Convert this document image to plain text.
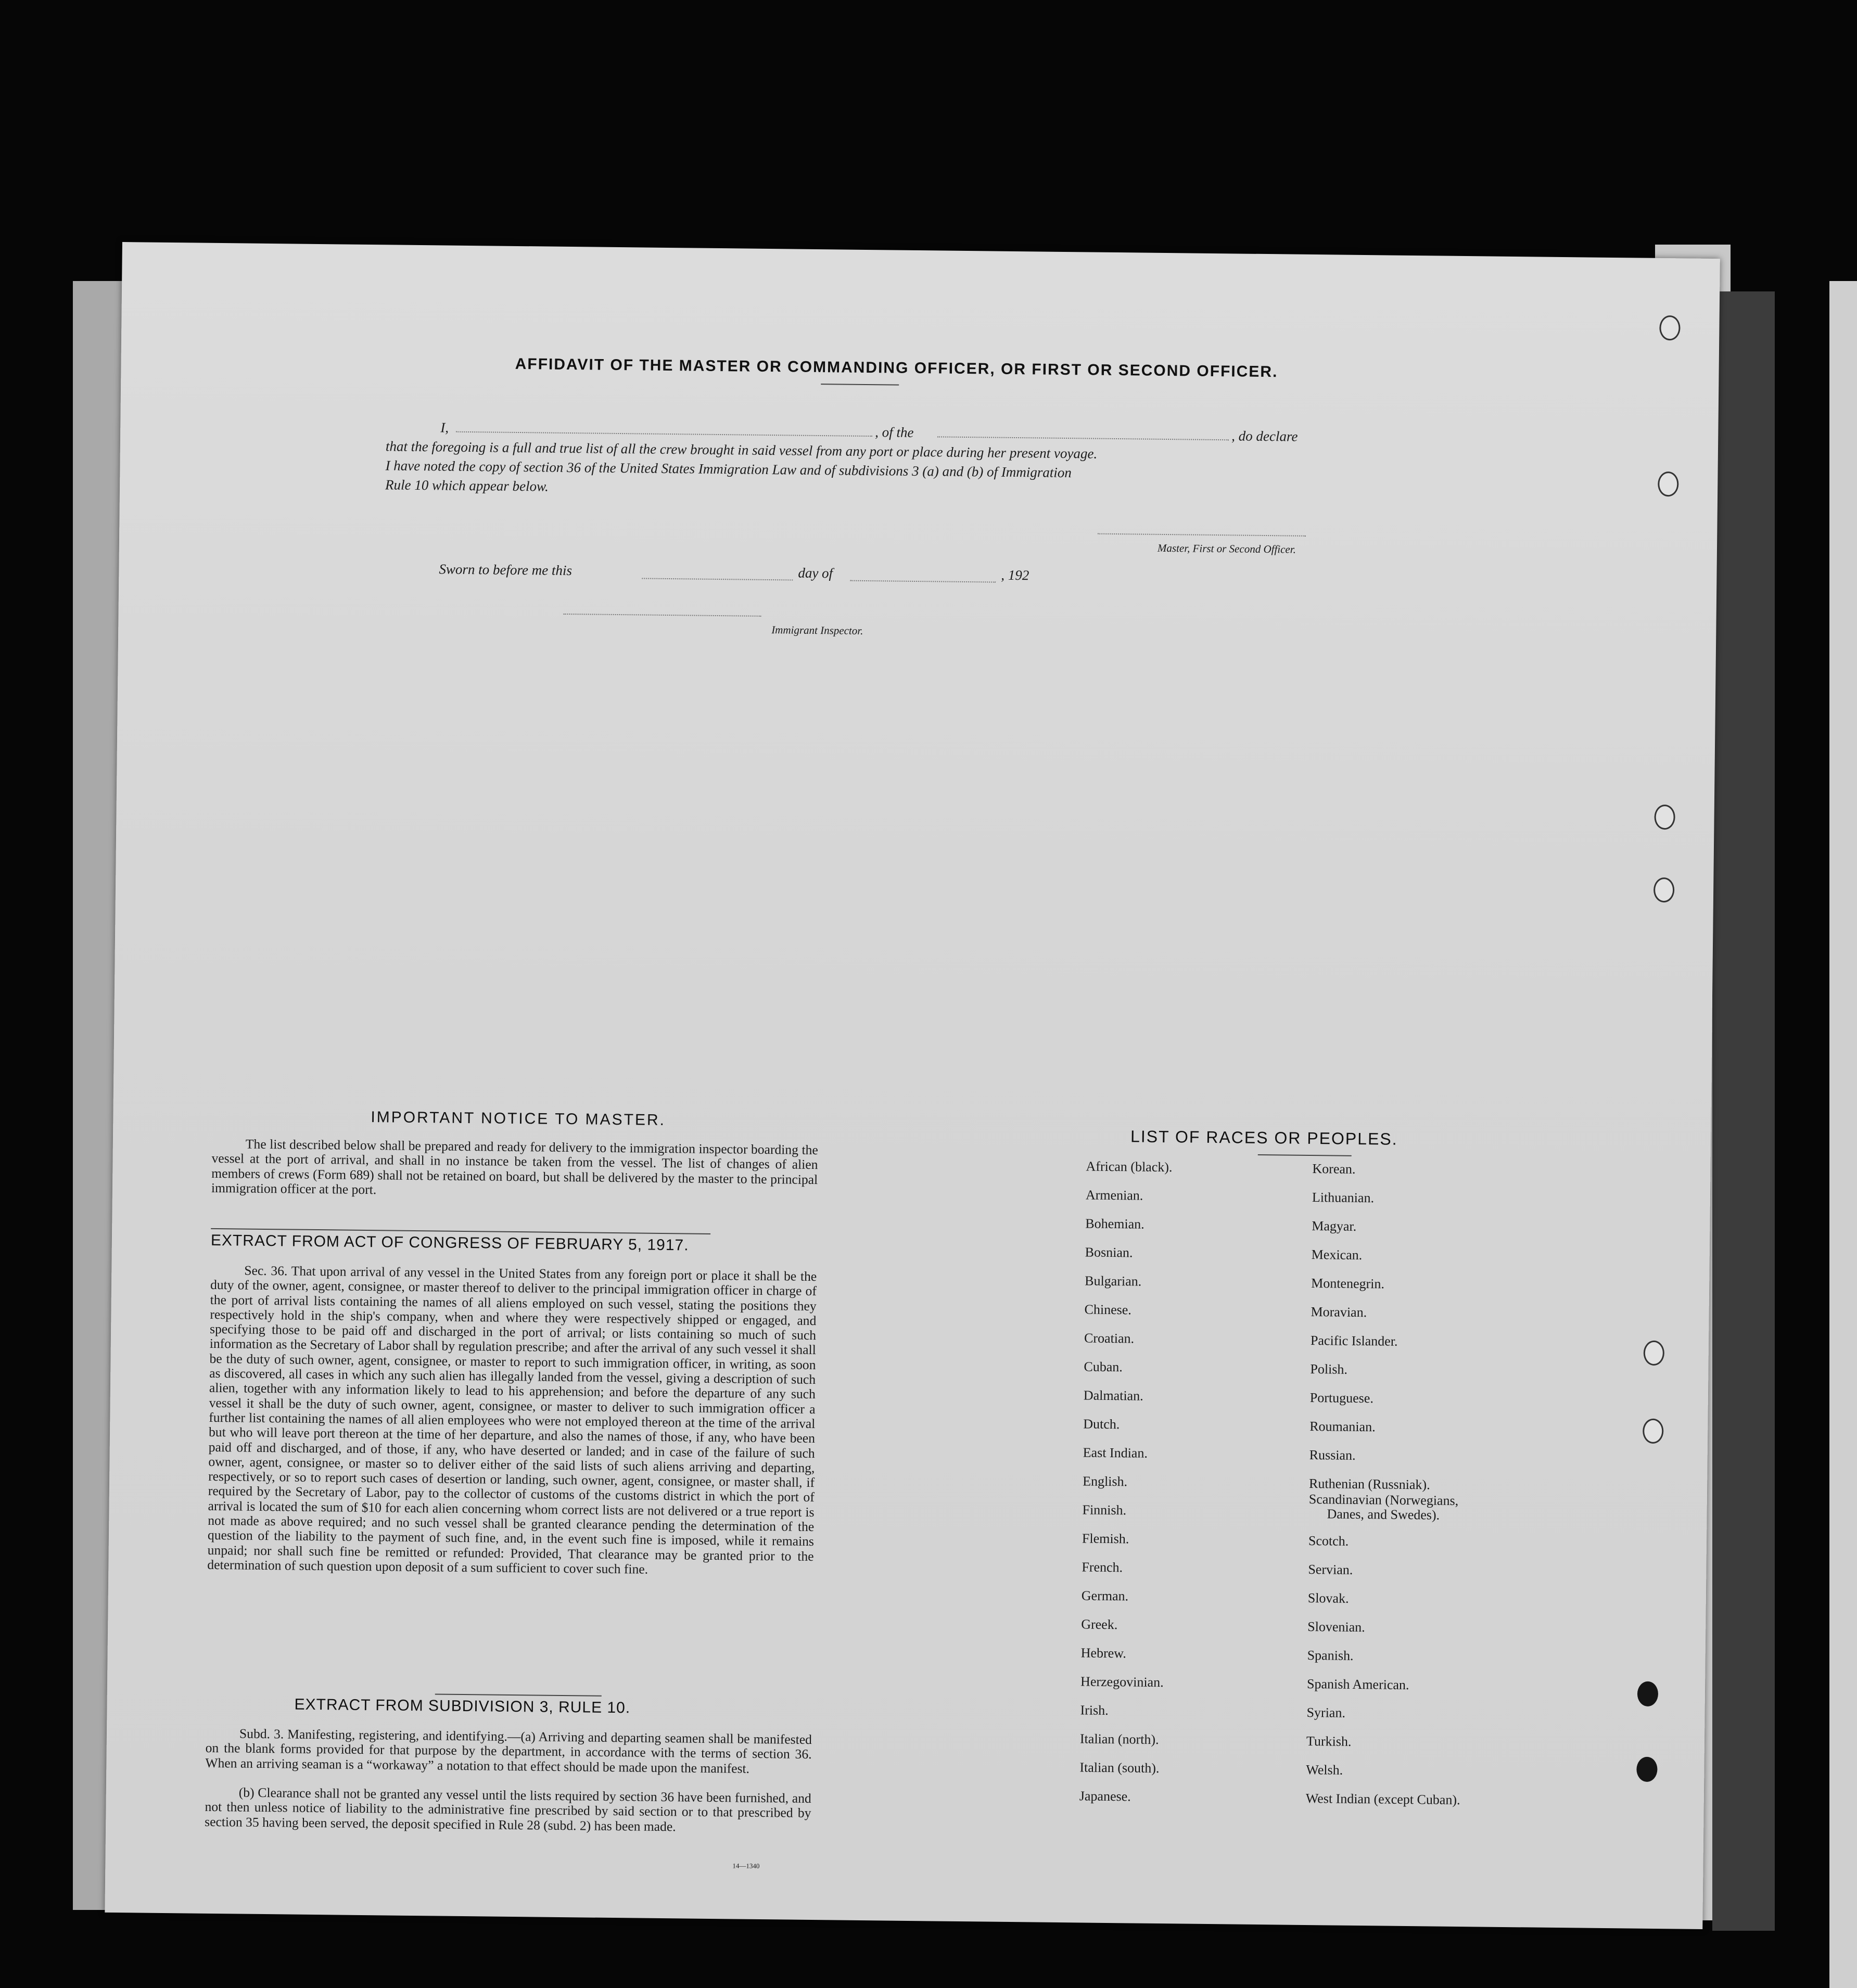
AFFIDAVIT OF THE MASTER OR COMMANDING OFFICER, OR FIRST OR SECOND OFFICER.
I,	, of the	, do declare
that the foregoing is a full and true list of all the crew brought in said vessel from any port or place during her present voyage.
I have noted the copy of section 36 of the United States Immigration Law and of subdivisions 3 (a) and (b) of Immigration
Rule 10 which appear below.
Master, First or Second Officer.
Sworn to before me this	day of	, 192
Immigrant Inspector.
IMPORTANT NOTICE TO MASTER.
The list described below shall be prepared and ready for delivery to the immigration inspector boarding the vessel at the port of arrival, and shall in no instance be taken from the vessel. The list of changes of alien members of crews (Form 689) shall not be retained on board, but shall be delivered by the master to the principal immigration officer at the port.
EXTRACT FROM ACT OF CONGRESS OF FEBRUARY 5, 1917.
Sec. 36. That upon arrival of any vessel in the United States from any foreign port or place it shall be the duty of the owner, agent, consignee, or master thereof to deliver to the principal immigration officer in charge of the port of arrival lists containing the names of all aliens employed on such vessel, stating the positions they respectively hold in the ship's company, when and where they were respectively shipped or engaged, and specifying those to be paid off and discharged in the port of arrival; or lists containing so much of such information as the Secretary of Labor shall by regulation prescribe; and after the arrival of any such vessel it shall be the duty of such owner, agent, consignee, or master to report to such immigration officer, in writing, as soon as discovered, all cases in which any such alien has illegally landed from the vessel, giving a description of such alien, together with any information likely to lead to his apprehension; and before the departure of any such vessel it shall be the duty of such owner, agent, consignee, or master to deliver to such immigration officer a further list containing the names of all alien employees who were not employed thereon at the time of the arrival but who will leave port thereon at the time of her departure, and also the names of those, if any, who have been paid off and discharged, and of those, if any, who have deserted or landed; and in case of the failure of such owner, agent, consignee, or master so to deliver either of the said lists of such aliens arriving and departing, respectively, or so to report such cases of desertion or landing, such owner, agent, consignee, or master shall, if required by the Secretary of Labor, pay to the collector of customs of the customs district in which the port of arrival is located the sum of $10 for each alien concerning whom correct lists are not delivered or a true report is not made as above required; and no such vessel shall be granted clearance pending the determination of the question of the liability to the payment of such fine, and, in the event such fine is imposed, while it remains unpaid; nor shall such fine be remitted or refunded: Provided, That clearance may be granted prior to the determination of such question upon deposit of a sum sufficient to cover such fine.
EXTRACT FROM SUBDIVISION 3, RULE 10.
Subd. 3. Manifesting, registering, and identifying.—(a) Arriving and departing seamen shall be manifested on the blank forms provided for that purpose by the department, in accordance with the terms of section 36. When an arriving seaman is a “workaway” a notation to that effect should be made upon the manifest.
(b) Clearance shall not be granted any vessel until the lists required by section 36 have been furnished, and not then unless notice of liability to the administrative fine prescribed by said section or to that prescribed by section 35 having been served, the deposit specified in Rule 28 (subd. 2) has been made.
14—1340
LIST OF RACES OR PEOPLES.
African (black).
Armenian.
Bohemian.
Bosnian.
Bulgarian.
Chinese.
Croatian.
Cuban.
Dalmatian.
Dutch.
East Indian.
English.
Finnish.
Flemish.
French.
German.
Greek.
Hebrew.
Herzegovinian.
Irish.
Italian (north).
Italian (south).
Japanese.
Korean.
Lithuanian.
Magyar.
Mexican.
Montenegrin.
Moravian.
Pacific Islander.
Polish.
Portuguese.
Roumanian.
Russian.
Ruthenian (Russniak).
Scandinavian (Norwegians,
Danes, and Swedes).
Scotch.
Servian.
Slovak.
Slovenian.
Spanish.
Spanish American.
Syrian.
Turkish.
Welsh.
West Indian (except Cuban).
